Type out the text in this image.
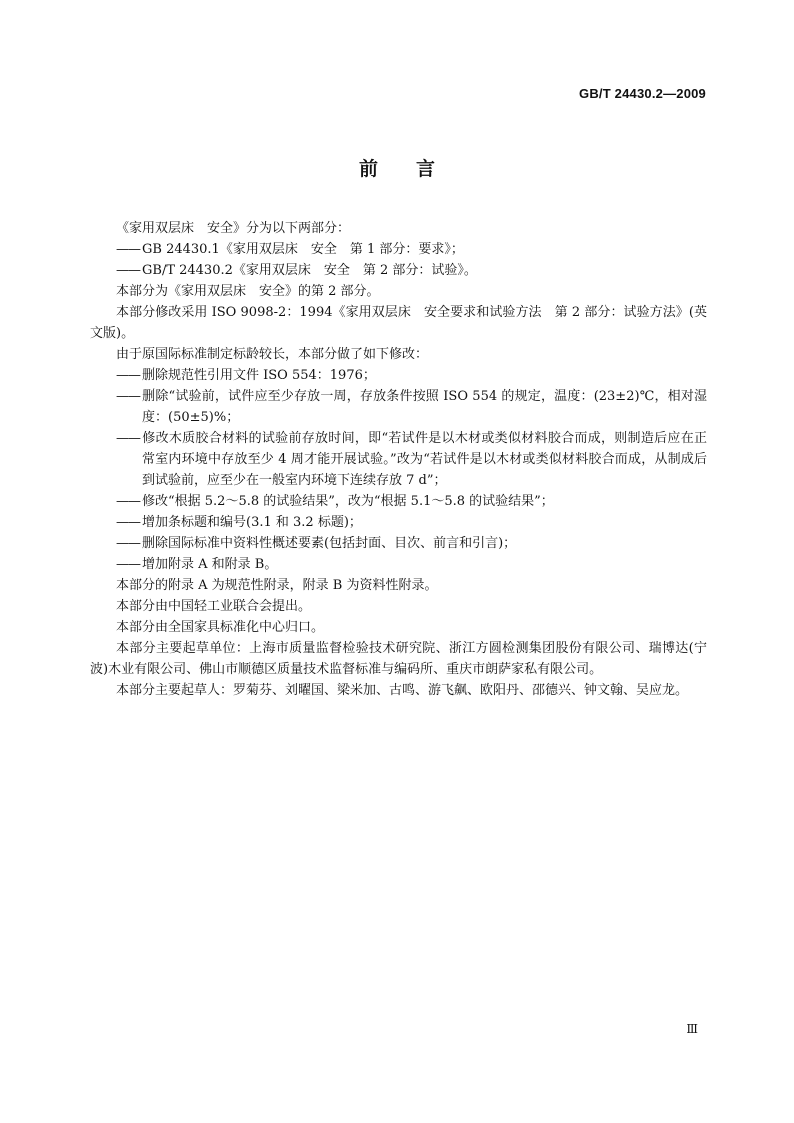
GB/T 24430.2—2009
前言
《家用双层床　安全》分为以下两部分：
—— GB 24430.1《家用双层床　安全　第 1 部分：要求》；
—— GB/T 24430.2《家用双层床　安全　第 2 部分：试验》。
本部分为《家用双层床　安全》的第 2 部分。
本部分修改采用 ISO 9098-2：1994《家用双层床　安全要求和试验方法　第 2 部分：试验方法》(英文版)。
由于原国际标准制定标龄较长，本部分做了如下修改：
—— 删除规范性引用文件 ISO 554：1976；
—— 删除“试验前，试件应至少存放一周，存放条件按照 ISO 554 的规定，温度：(23±2)℃，相对湿度：(50±5)%；
—— 修改木质胶合材料的试验前存放时间，即“若试件是以木材或类似材料胶合而成，则制造后应在正常室内环境中存放至少 4 周才能开展试验。”改为“若试件是以木材或类似材料胶合而成，从制成后到试验前，应至少在一般室内环境下连续存放 7 d”；
—— 修改“根据 5.2～5.8 的试验结果”，改为“根据 5.1～5.8 的试验结果”；
—— 增加条标题和编号(3.1 和 3.2 标题)；
—— 删除国际标准中资料性概述要素(包括封面、目次、前言和引言)；
—— 增加附录 A 和附录 B。
本部分的附录 A 为规范性附录，附录 B 为资料性附录。
本部分由中国轻工业联合会提出。
本部分由全国家具标准化中心归口。
本部分主要起草单位：上海市质量监督检验技术研究院、浙江方圆检测集团股份有限公司、瑞博达(宁波)木业有限公司、佛山市顺德区质量技术监督标准与编码所、重庆市朗萨家私有限公司。
本部分主要起草人：罗菊芬、刘曜国、梁米加、古鸣、游飞飙、欧阳丹、邵德兴、钟文翰、吴应龙。
Ⅲ
